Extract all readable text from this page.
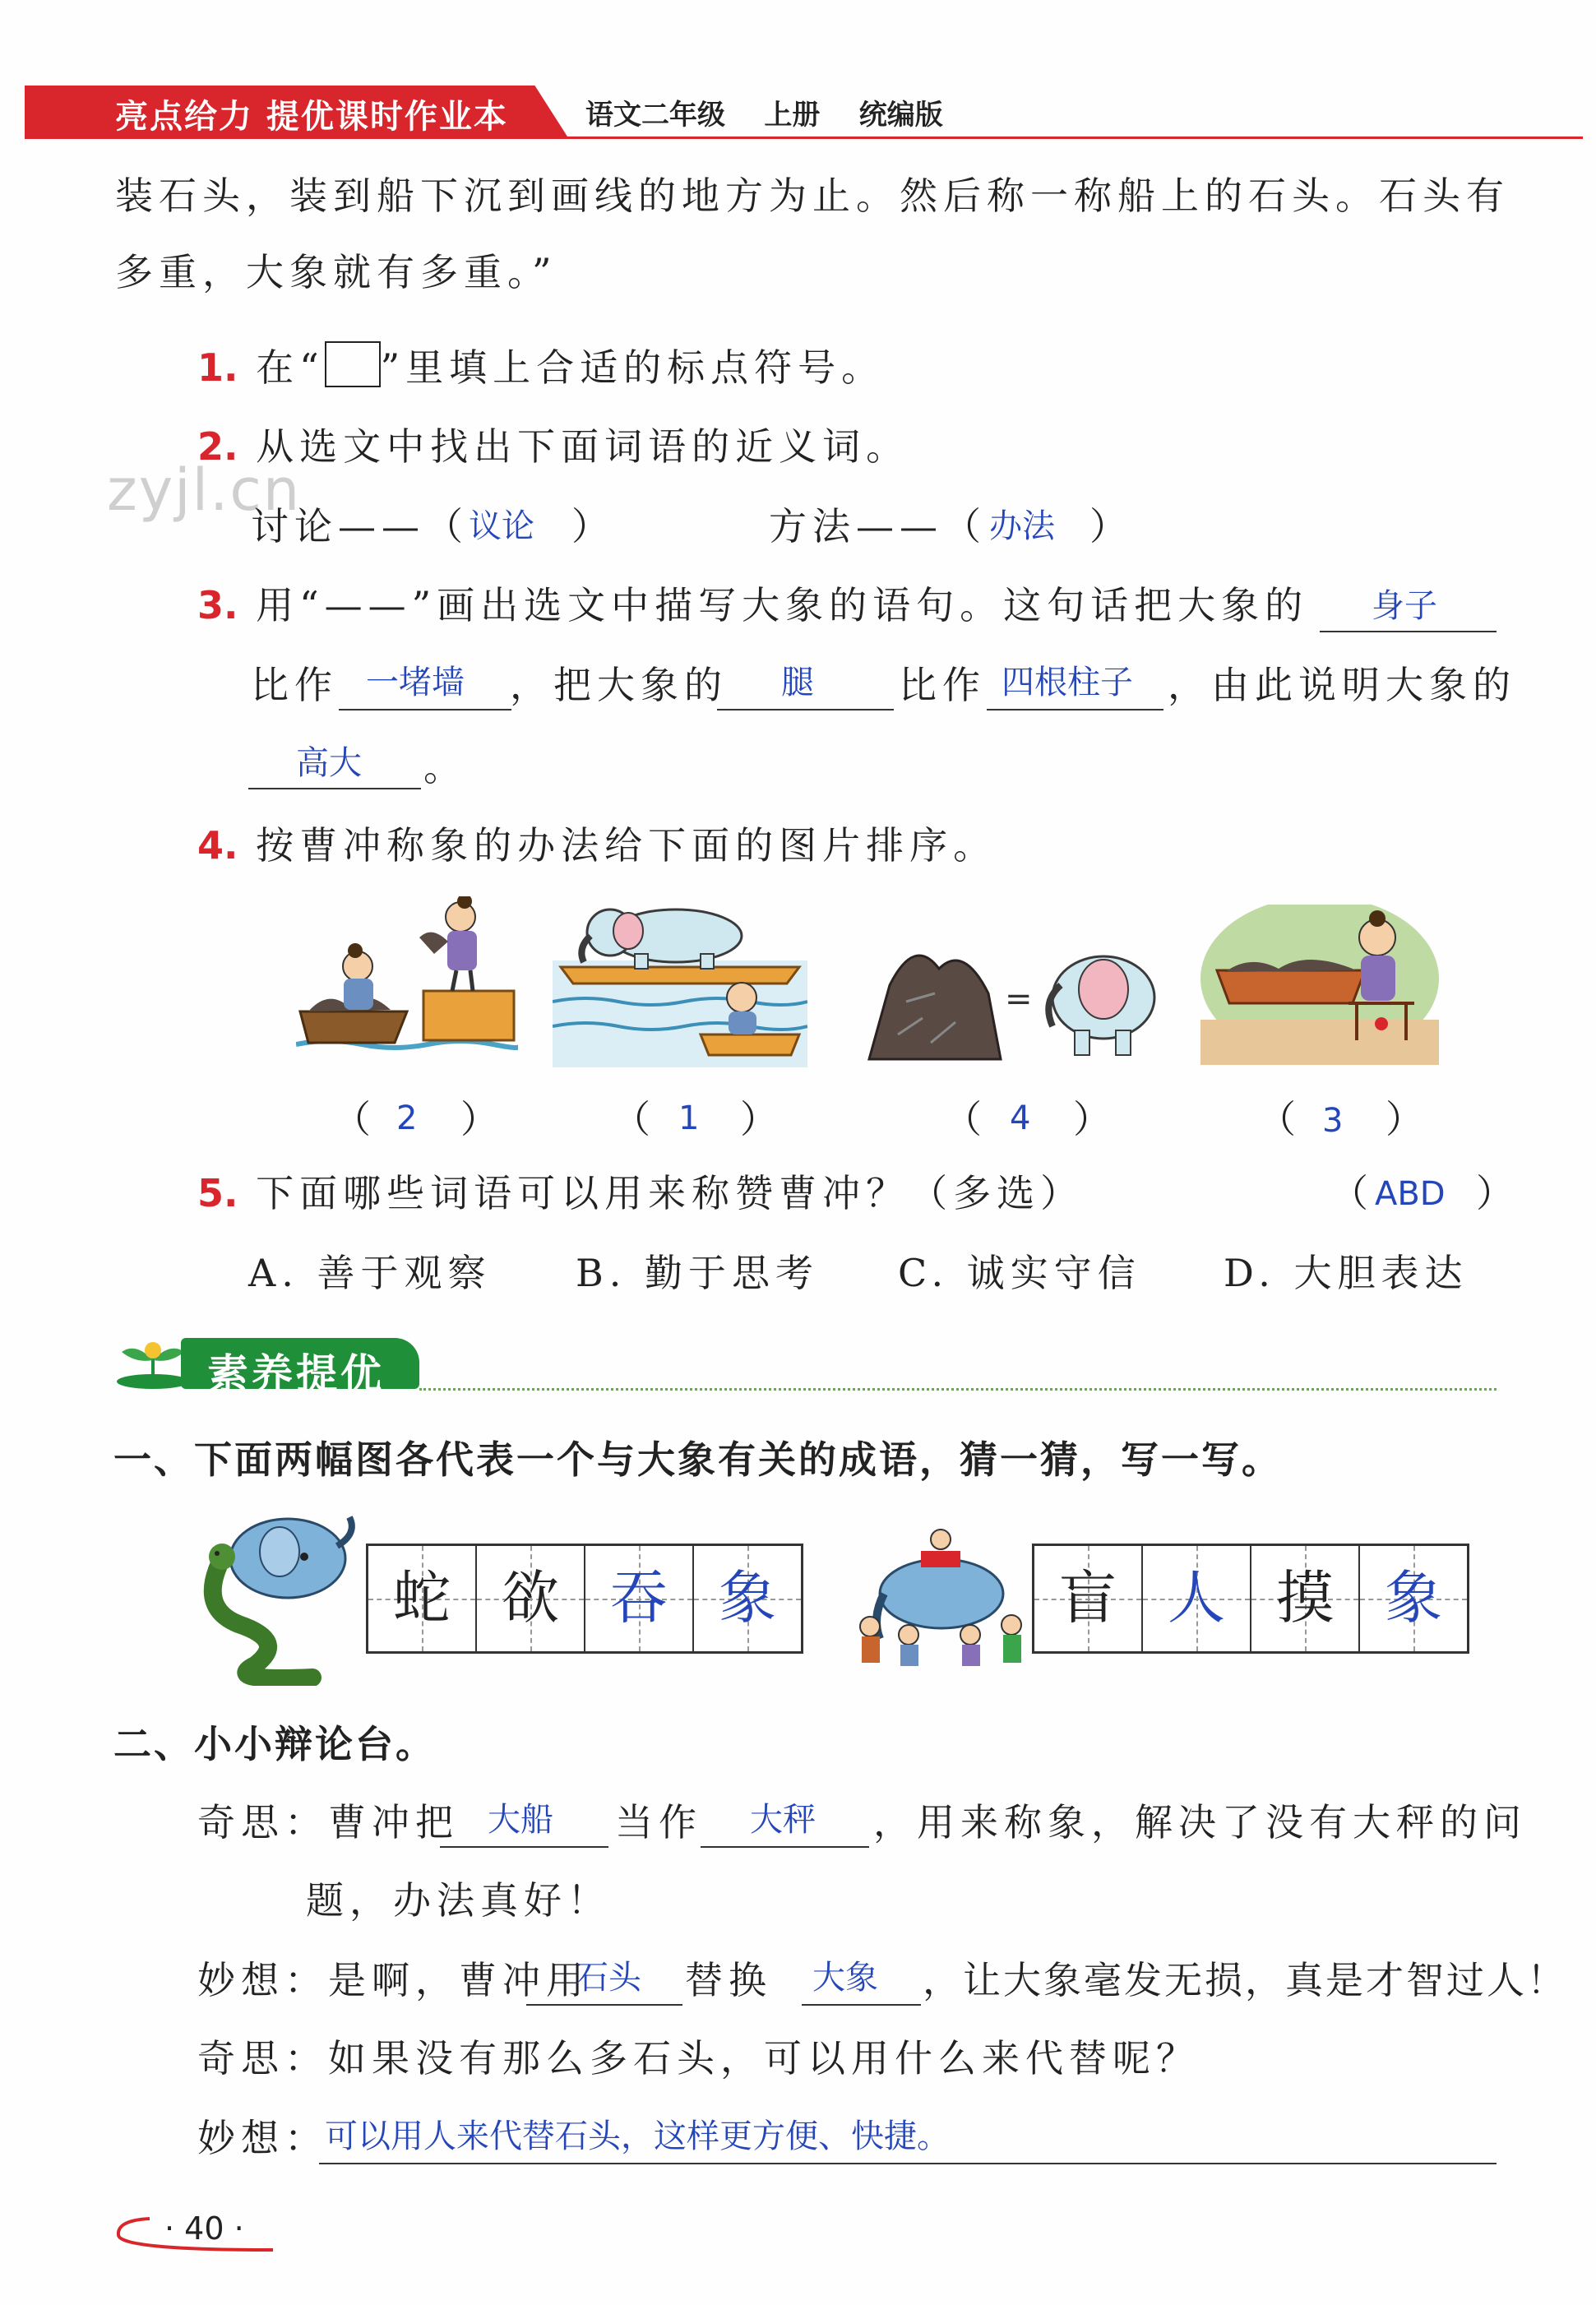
亮点给力 提优课时作业本	语文二年级 上册 统编版
装石头，装到船下沉到画线的地方为止。然后称一称船上的石头。石头有
多重，大象就有多重。”
zyjl.cn
1. 在“ ”里填上合适的标点符号。
2. 从选文中找出下面词语的近义词。
讨论——（ 议论 ）	方法——（ 办法 ）
3. 用“——”画出选文中描写大象的语句。这句话把大象的 身子
比作 一堵墙 ，把大象的 腿 比作 四根柱子 ，由此说明大象的
高大 。
4. 按曹冲称象的办法给下面的图片排序。
=
（ 2 ）	（ 1 ）	（ 4 ）	（ 3 ）
5. 下面哪些词语可以用来称赞曹冲？（多选）	（ ABD ）
A. 善于观察 B. 勤于思考 C. 诚实守信 D. 大胆表达
素养提优
一、下面两幅图各代表一个与大象有关的成语，猜一猜，写一写。
蛇 欲 吞 象	盲 人 摸 象
二、小小辩论台。
奇思：曹冲把 大船 当作 大秤 ，用来称象，解决了没有大秤的问
题，办法真好！
妙想：是啊，曹冲用
石头 替换 大象 ，让大象毫发无损，真是才智过人！
奇思：如果没有那么多石头，可以用什么来代替呢？
妙想：
可以用人来代替石头，这样更方便、快捷。
· 40 ·
